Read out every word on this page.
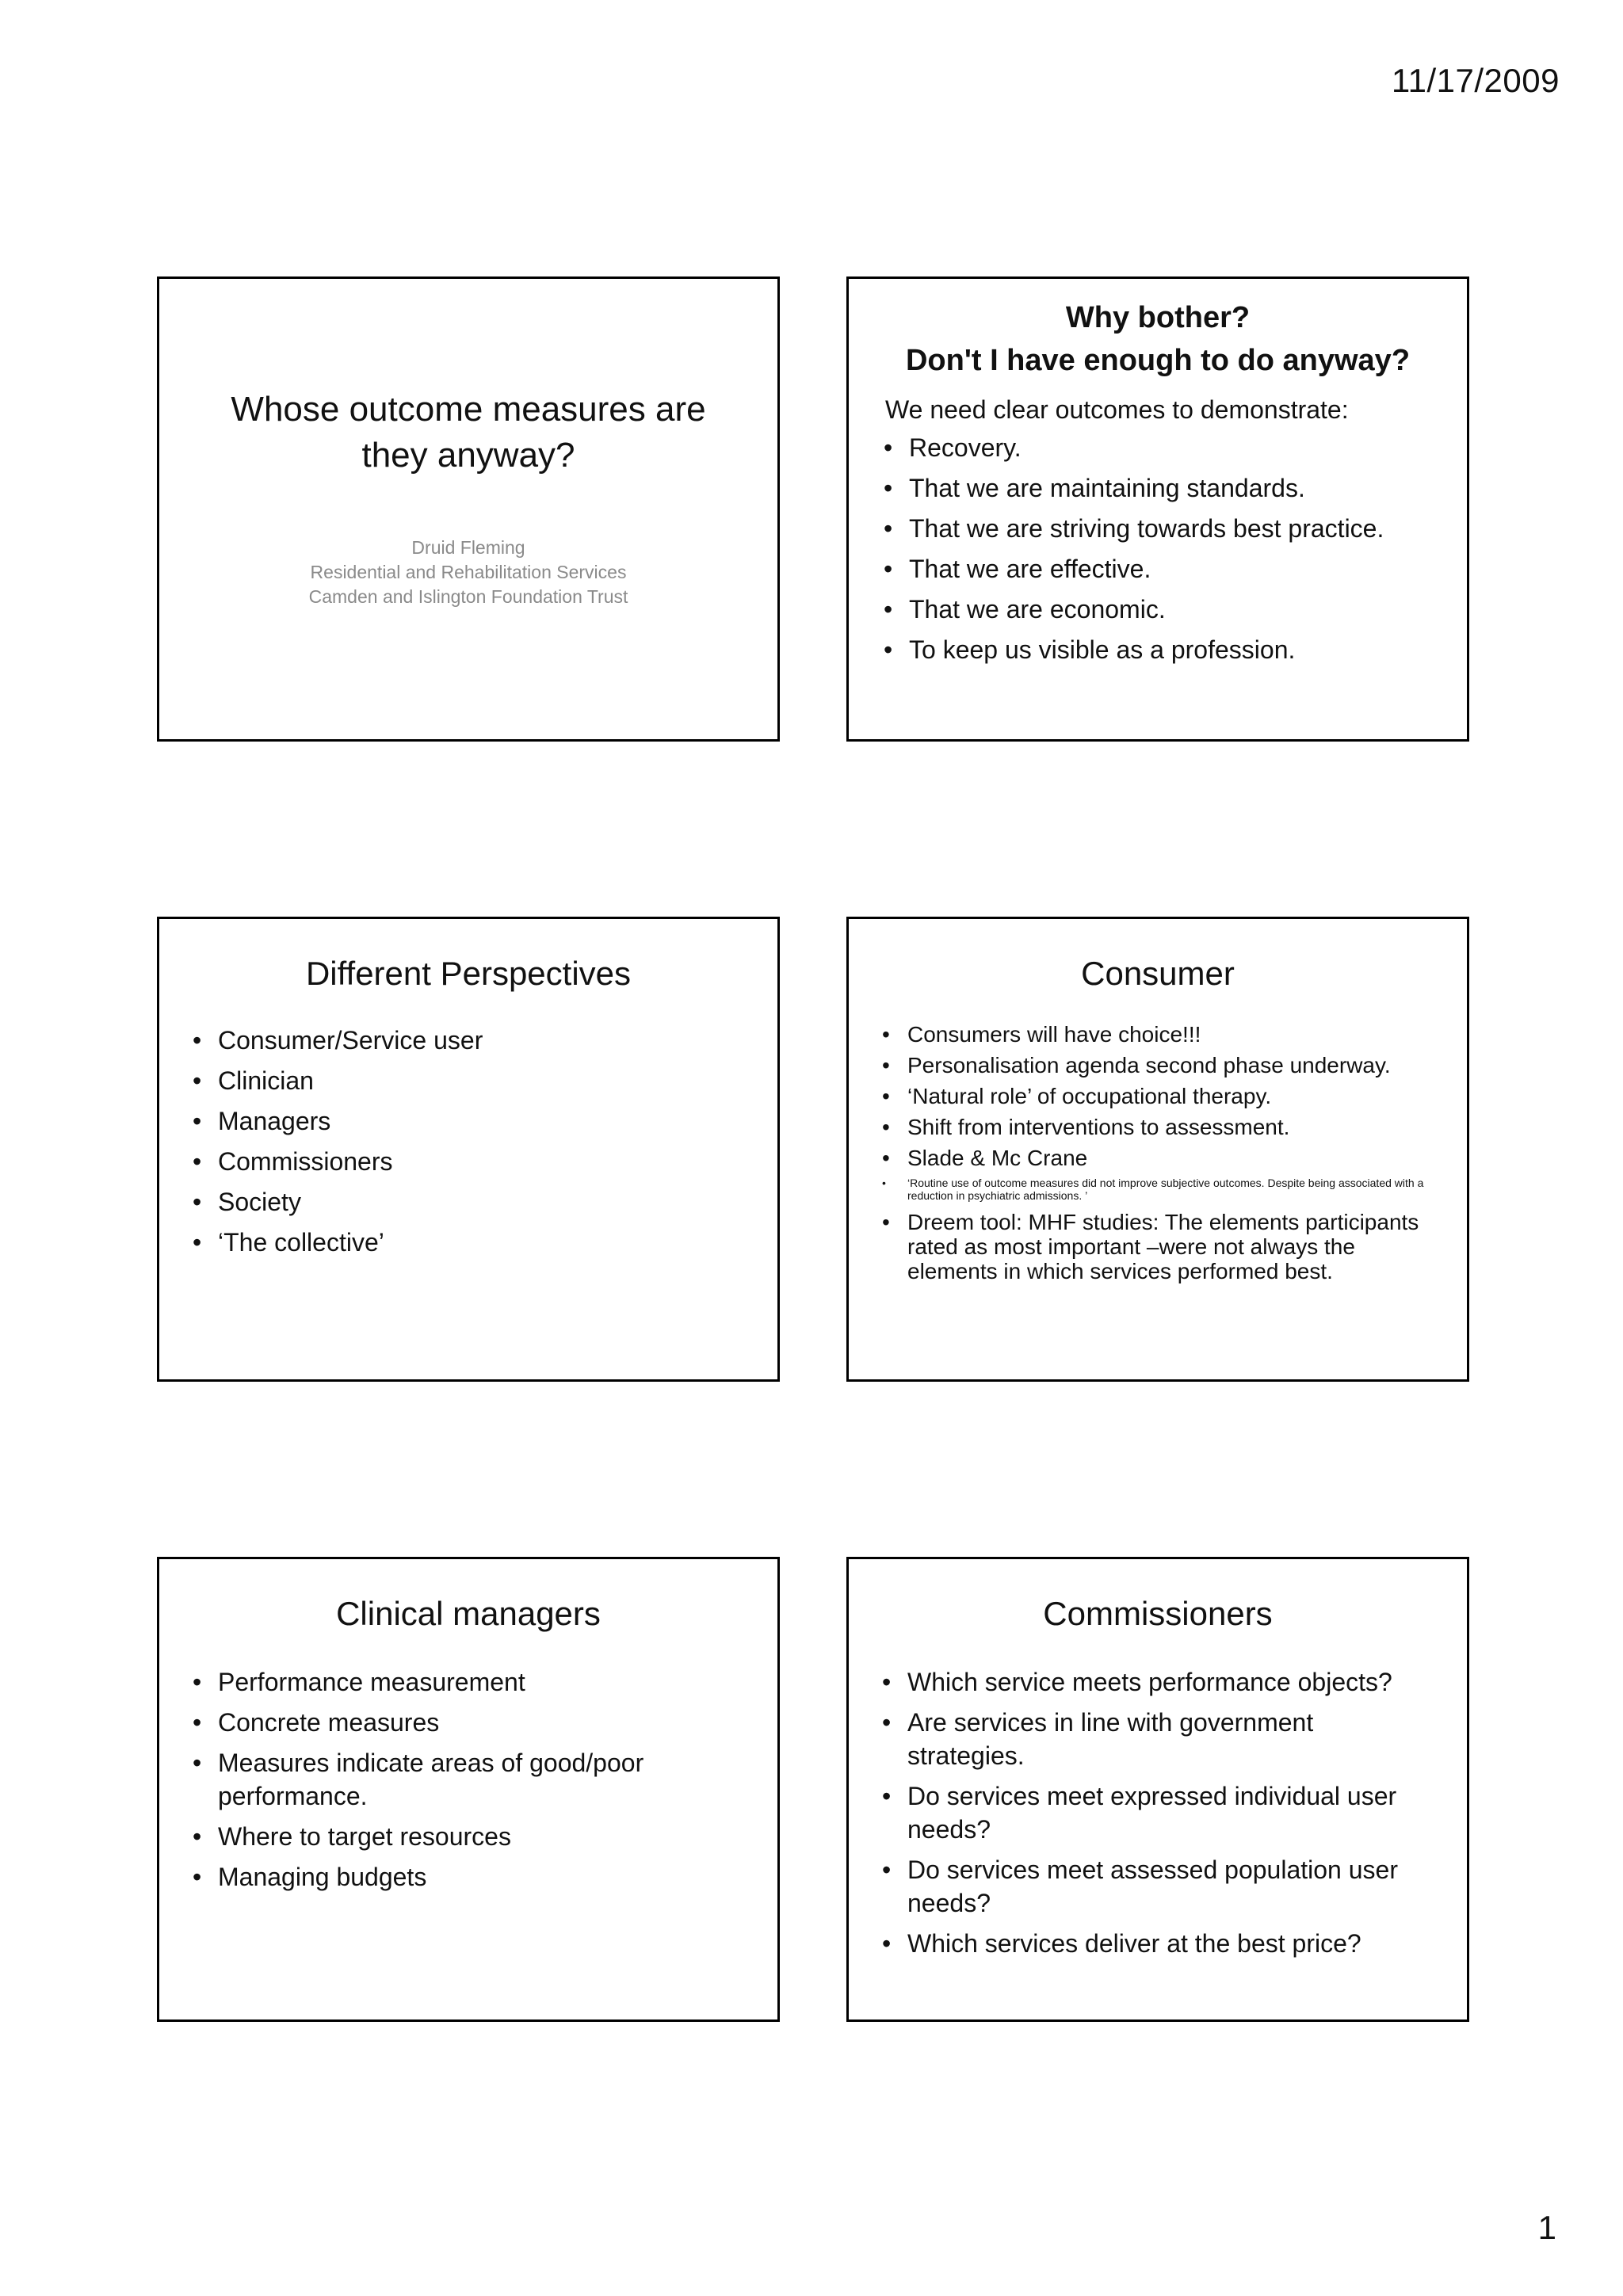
11/17/2009
Whose outcome measures are they anyway?
Druid Fleming
Residential and Rehabilitation Services
Camden and Islington Foundation Trust
Why bother?
Don't I have enough to do anyway?
We need clear outcomes to demonstrate:
• Recovery.
• That we are maintaining standards.
• That we are striving towards best practice.
• That we are effective.
• That we are economic.
• To keep us visible as a profession.
Different Perspectives
• Consumer/Service user
• Clinician
• Managers
• Commissioners
• Society
• ‘The collective’
Consumer
• Consumers will have choice!!!
• Personalisation agenda second phase underway.
• ‘Natural role’ of occupational therapy.
• Shift from interventions to assessment.
• Slade & Mc Crane
• ‘Routine use of outcome measures did not improve subjective outcomes. Despite being associated with a reduction in psychiatric admissions. ’
• Dreem tool: MHF studies: The elements participants rated as most important –were not always the elements in which services performed best.
Clinical managers
• Performance measurement
• Concrete measures
• Measures indicate areas of good/poor performance.
• Where to target resources
• Managing budgets
Commissioners
• Which service meets performance objects?
• Are services in line with government strategies.
• Do services meet expressed individual user needs?
• Do services meet assessed population user needs?
• Which services deliver at the best price?
1
